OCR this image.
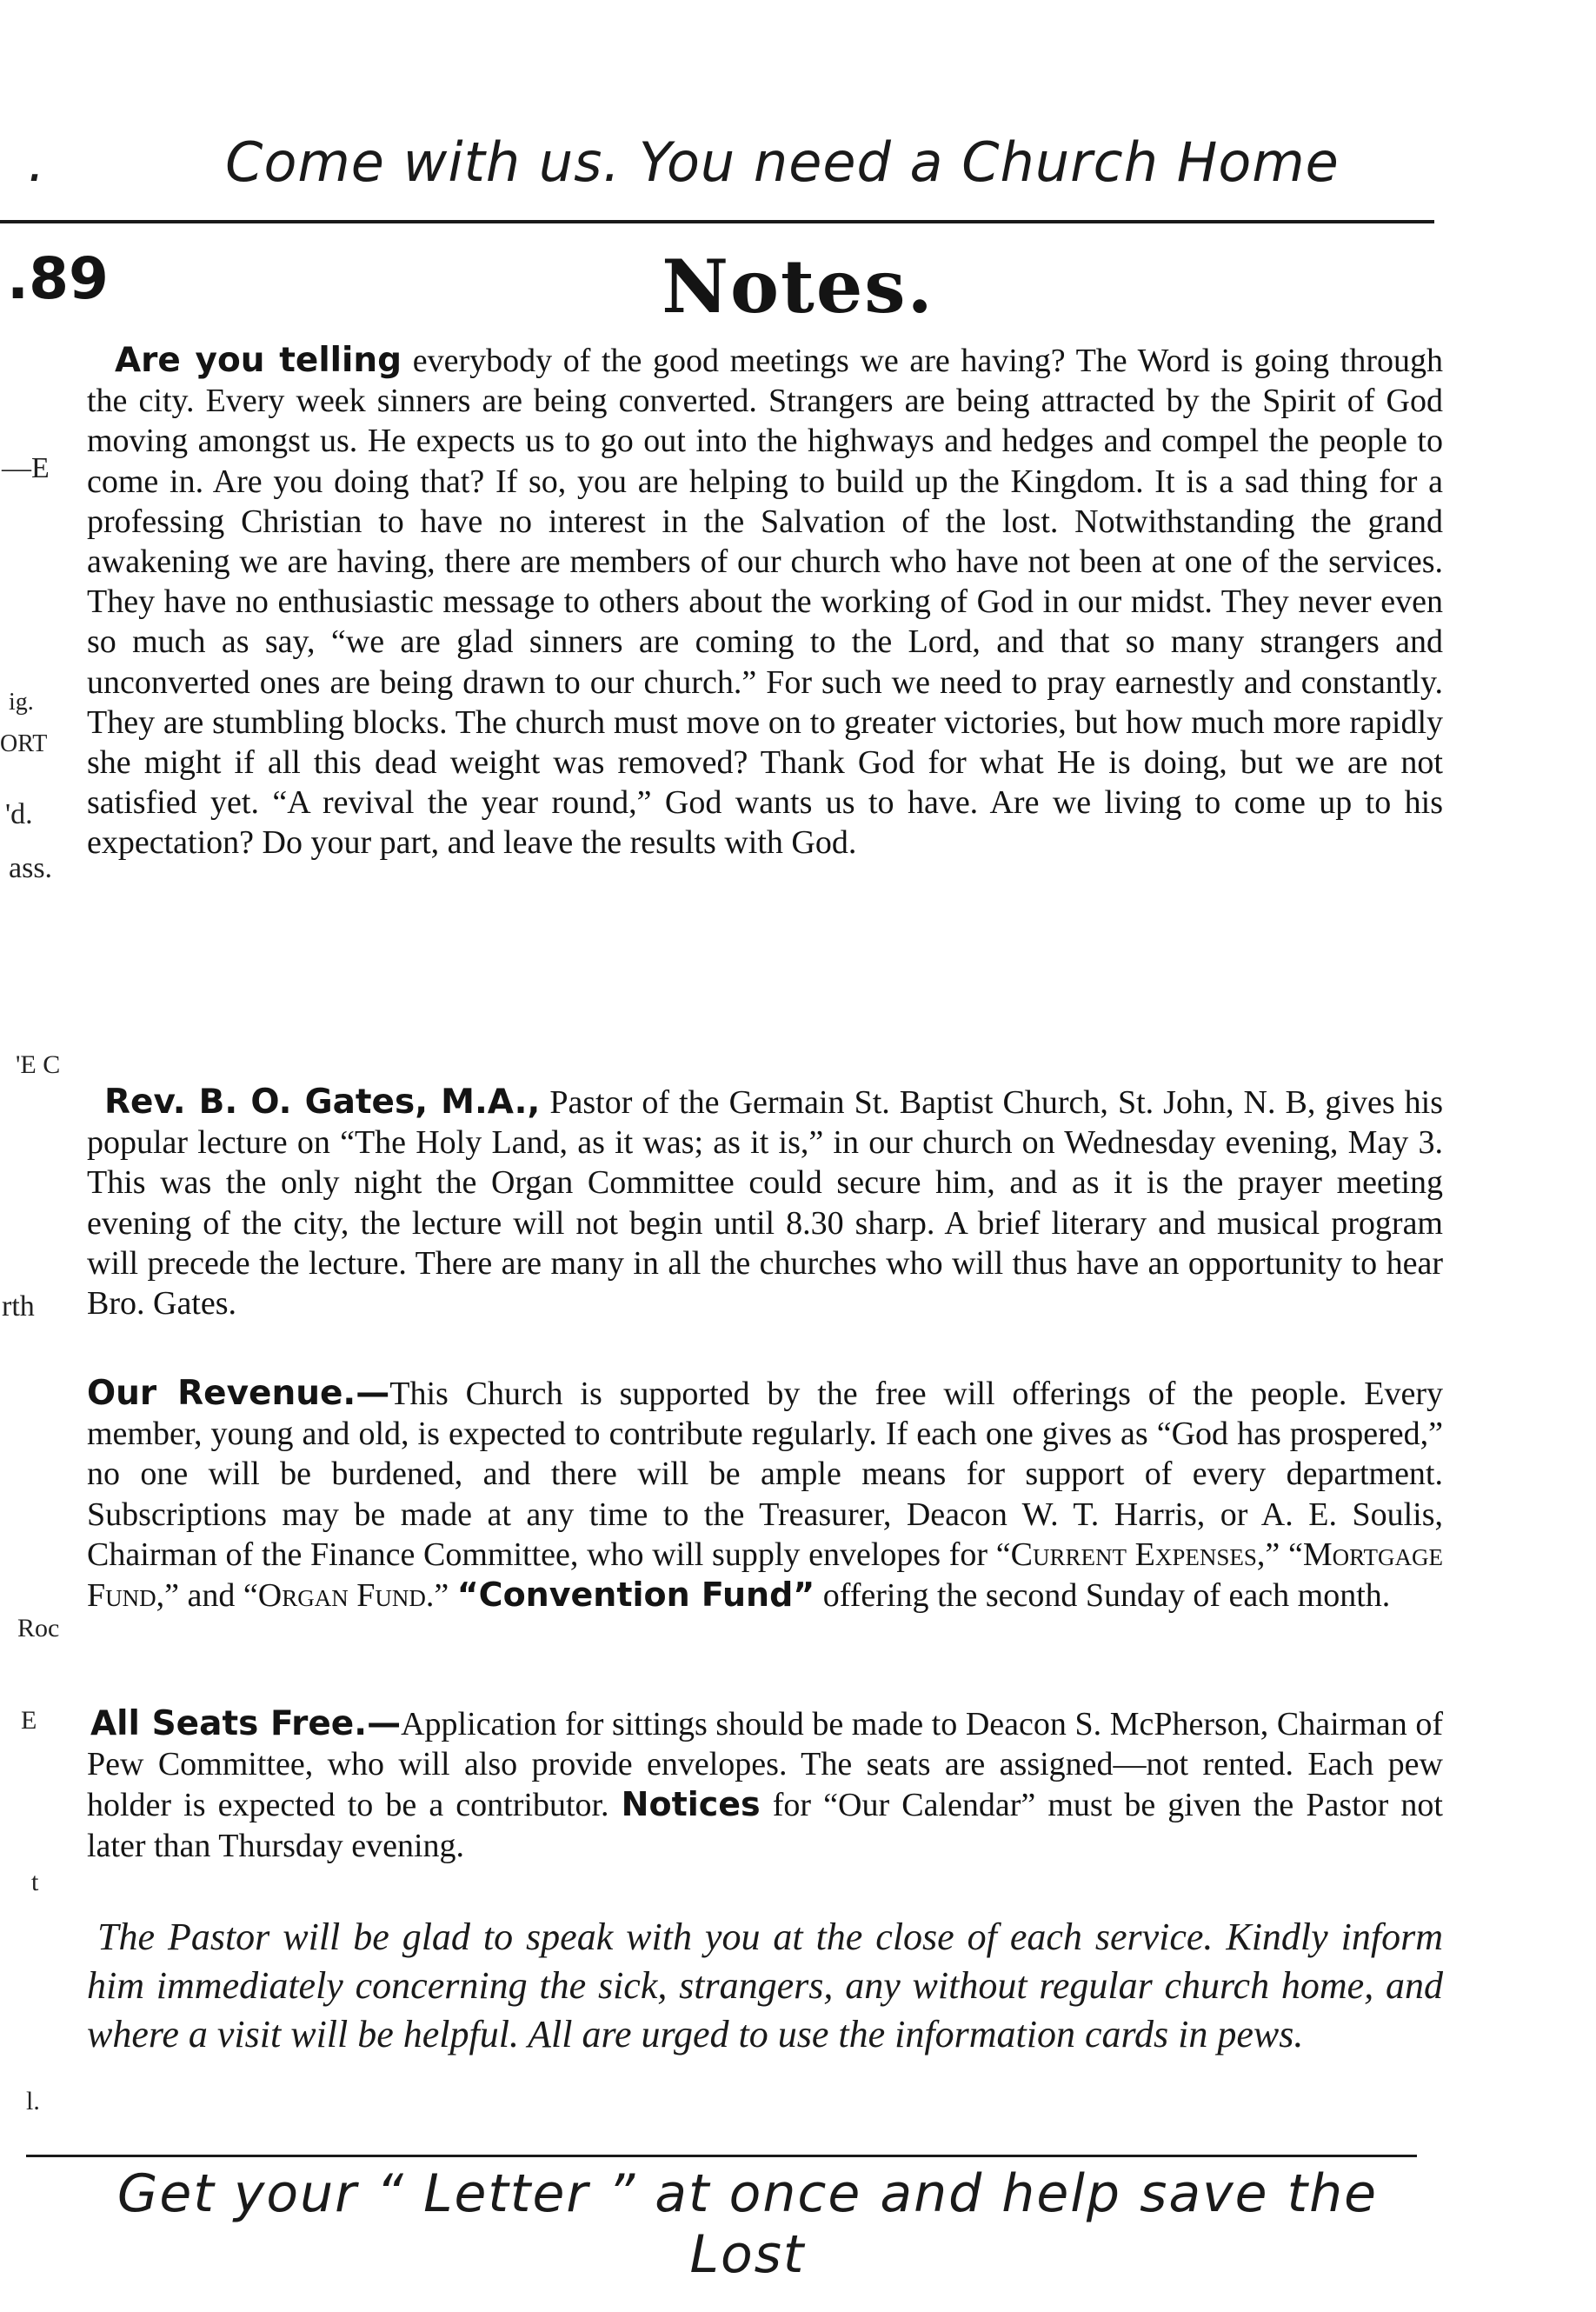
.	Come with us. You need a Church Home
.89	Notes.
—E
ig.
ORT
'd.
ass.
'E C
rth
Roc
E
t
l.
Are you telling everybody of the good meetings we are having? The Word is going through the city. Every week sinners are being converted. Strangers are being attracted by the Spirit of God moving amongst us. He expects us to go out into the highways and hedges and compel the people to come in. Are you doing that? If so, you are helping to build up the Kingdom. It is a sad thing for a professing Christian to have no interest in the Salvation of the lost. Notwithstanding the grand awakening we are having, there are members of our church who have not been at one of the services. They have no enthusiastic message to others about the working of God in our midst. They never even so much as say, “we are glad sinners are coming to the Lord, and that so many strangers and unconverted ones are being drawn to our church.” For such we need to pray earnestly and constantly. They are stumbling blocks. The church must move on to greater victories, but how much more rapidly she might if all this dead weight was removed? Thank God for what He is doing, but we are not satisfied yet. “A revival the year round,” God wants us to have. Are we living to come up to his expectation? Do your part, and leave the results with God.
Rev. B. O. Gates, M.A., Pastor of the Germain St. Baptist Church, St. John, N. B, gives his popular lecture on “The Holy Land, as it was; as it is,” in our church on Wednesday evening, May 3. This was the only night the Organ Committee could secure him, and as it is the prayer meeting evening of the city, the lecture will not begin until 8.30 sharp. A brief literary and musical program will precede the lecture. There are many in all the churches who will thus have an opportunity to hear Bro. Gates.
Our Revenue.—This Church is supported by the free will offerings of the people. Every member, young and old, is expected to contribute regularly. If each one gives as “God has prospered,” no one will be burdened, and there will be ample means for support of every department. Subscriptions may be made at any time to the Treasurer, Deacon W. T. Harris, or A. E. Soulis, Chairman of the Finance Committee, who will supply envelopes for “Current Expenses,” “Mortgage Fund,” and “Organ Fund.” “Convention Fund” offering the second Sunday of each month.
All Seats Free.—Application for sittings should be made to Deacon S. McPherson, Chairman of Pew Committee, who will also provide envelopes. The seats are assigned—not rented. Each pew holder is expected to be a contributor. Notices for “Our Calendar” must be given the Pastor not later than Thursday evening.
The Pastor will be glad to speak with you at the close of each service. Kindly inform him immediately concerning the sick, strangers, any without regular church home, and where a visit will be helpful. All are urged to use the information cards in pews.
Get your “ Letter ” at once and help save the Lost
